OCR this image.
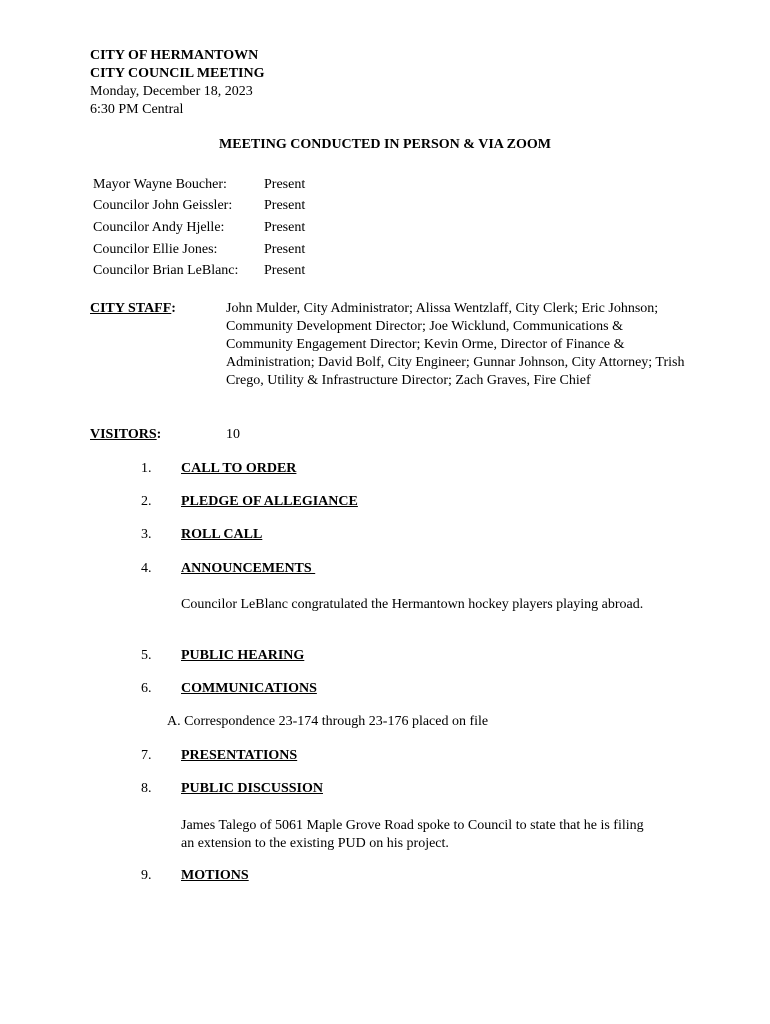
CITY OF HERMANTOWN
CITY COUNCIL MEETING
Monday, December 18, 2023
6:30 PM Central
MEETING CONDUCTED IN PERSON & VIA ZOOM
Mayor Wayne Boucher:	Present
Councilor John Geissler: Present
Councilor Andy Hjelle:	Present
Councilor Ellie Jones:	Present
Councilor Brian LeBlanc: Present
CITY STAFF:	John Mulder, City Administrator; Alissa Wentzlaff, City Clerk; Eric Johnson; Community Development Director; Joe Wicklund, Communications & Community Engagement Director; Kevin Orme, Director of Finance & Administration; David Bolf, City Engineer; Gunnar Johnson, City Attorney; Trish Crego, Utility & Infrastructure Director; Zach Graves, Fire Chief
VISITORS:	10
1. CALL TO ORDER
2. PLEDGE OF ALLEGIANCE
3. ROLL CALL
4. ANNOUNCEMENTS
Councilor LeBlanc congratulated the Hermantown hockey players playing abroad.
5. PUBLIC HEARING
6. COMMUNICATIONS
A. Correspondence 23-174 through 23-176 placed on file
7. PRESENTATIONS
8. PUBLIC DISCUSSION
James Talego of 5061 Maple Grove Road spoke to Council to state that he is filing an extension to the existing PUD on his project.
9. MOTIONS
